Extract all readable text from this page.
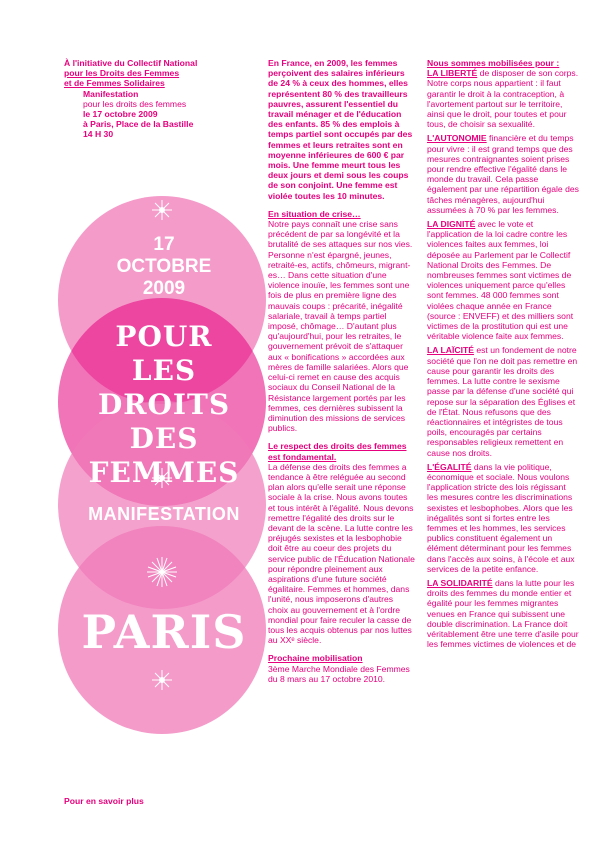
À l'initiative du Collectif National
pour les Droits des Femmes
et de Femmes Solidaires
Manifestation
pour les droits des femmes
le 17 octobre 2009
à Paris, Place de la Bastille
14 H 30
17
OCTOBRE
2009
POUR
LES DROITS
DES
FEMMES
MANIFESTATION
PARIS

En France, en 2009, les femmes perçoivent des salaires inférieurs de 24 % à ceux des hommes, elles représentent 80 % des travailleurs pauvres, assurent l'essentiel du travail ménager et de l'éducation des enfants. 85 % des emplois à temps partiel sont occupés par des femmes et leurs retraites sont en moyenne inférieures de 600 € par mois. Une femme meurt tous les deux jours et demi sous les coups de son conjoint. Une femme est violée toutes les 10 minutes.

En situation de crise…

Notre pays connaît une crise sans précédent de par sa longévité et la brutalité de ses attaques sur nos vies. Personne n'est épargné, jeunes, retraité-es, actifs, chômeurs, migrant-es… Dans cette situation d'une violence inouïe, les femmes sont une fois de plus en première ligne des mauvais coups : précarité, inégalité salariale, travail à temps partiel imposé, chômage… D'autant plus qu'aujourd'hui, pour les retraites, le gouvernement prévoit de s'attaquer aux « bonifications » accordées aux mères de famille salariées. Alors que celui-ci remet en cause des acquis sociaux du Conseil National de la Résistance largement portés par les femmes, ces dernières subissent la diminution des missions de services publics.

Le respect des droits des femmes est fondamental.

La défense des droits des femmes a tendance à être reléguée au second plan alors qu'elle serait une réponse sociale à la crise. Nous avons toutes et tous intérêt à l'égalité. Nous devons remettre l'égalité des droits sur le devant de la scène. La lutte contre les préjugés sexistes et la lesbophobie doit être au coeur des projets du service public de l'Éducation Nationale pour répondre pleinement aux aspirations d'une future société égalitaire. Femmes et hommes, dans l'unité, nous imposerons d'autres choix au gouvernement et à l'ordre mondial pour faire reculer la casse de tous les acquis obtenus par nos luttes au XXᵉ siècle.

Prochaine mobilisation

3ème Marche Mondiale des Femmes du 8 mars au 17 octobre 2010.

Nous sommes mobilisées pour :

LA LIBERTÉ de disposer de son corps. Notre corps nous appartient : il faut garantir le droit à la contraception, à l'avortement partout sur le territoire, ainsi que le droit, pour toutes et pour tous, de choisir sa sexualité.

L'AUTONOMIE financière et du temps pour vivre : il est grand temps que des mesures contraignantes soient prises pour rendre effective l'égalité dans le monde du travail. Cela passe également par une répartition égale des tâches ménagères, aujourd'hui assumées à 70 % par les femmes.

LA DIGNITÉ avec le vote et l'application de la loi cadre contre les violences faites aux femmes, loi déposée au Parlement par le Collectif National Droits des Femmes. De nombreuses femmes sont victimes de violences uniquement parce qu'elles sont femmes. 48 000 femmes sont violées chaque année en France (source : ENVEFF) et des milliers sont victimes de la prostitution qui est une véritable violence faite aux femmes.

LA LAÏCITÉ est un fondement de notre société que l'on ne doit pas remettre en cause pour garantir les droits des femmes. La lutte contre le sexisme passe par la défense d'une société qui repose sur la séparation des Églises et de l'État. Nous refusons que des réactionnaires et intégristes de tous poils, encouragés par certains responsables religieux remettent en cause nos droits.

L'ÉGALITÉ dans la vie politique, économique et sociale. Nous voulons l'application stricte des lois régissant les mesures contre les discriminations sexistes et lesbophobes. Alors que les inégalités sont si fortes entre les femmes et les hommes, les services publics constituent également un élément déterminant pour les femmes dans l'accès aux soins, à l'école et aux services de la petite enfance.

LA SOLIDARITÉ dans la lutte pour les droits des femmes du monde entier et égalité pour les femmes migrantes venues en France qui subissent une double discrimination. La France doit véritablement être une terre d'asile pour les femmes victimes de violences et de

Pour en savoir plus
